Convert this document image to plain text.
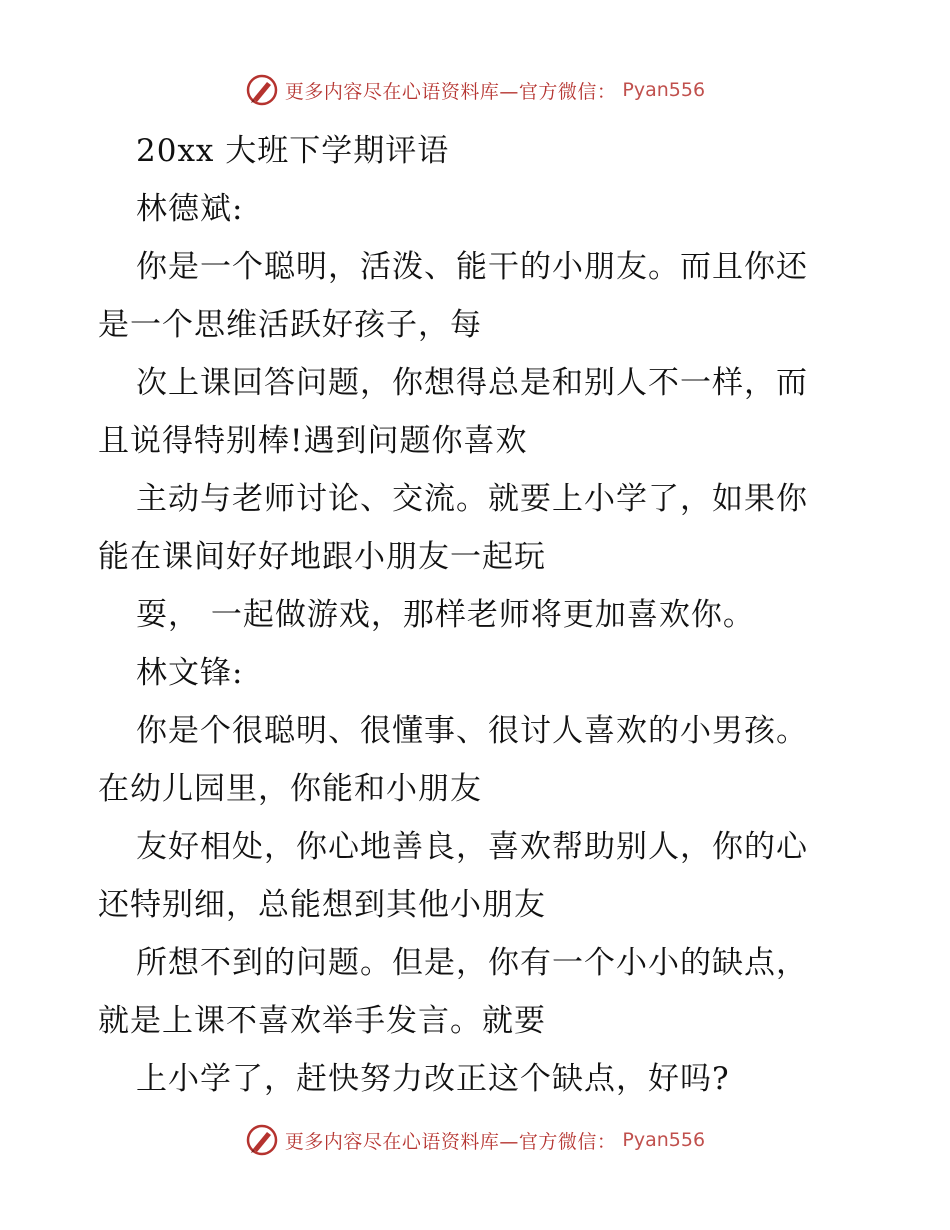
更多内容尽在心语资料库—官方微信： Pyan556
20xx 大班下学期评语
林德斌:
你是一个聪明，活泼、能干的小朋友。而且你还
是一个思维活跃好孩子，每
次上课回答问题，你想得总是和别人不一样，而
且说得特别棒!遇到问题你喜欢
主动与老师讨论、交流。就要上小学了，如果你
能在课间好好地跟小朋友一起玩
耍， 一起做游戏，那样老师将更加喜欢你。
林文锋:
你是个很聪明、很懂事、很讨人喜欢的小男孩。
在幼儿园里，你能和小朋友
友好相处，你心地善良，喜欢帮助别人，你的心
还特别细，总能想到其他小朋友
所想不到的问题。但是，你有一个小小的缺点，
就是上课不喜欢举手发言。就要
上小学了，赶快努力改正这个缺点，好吗?
更多内容尽在心语资料库—官方微信： Pyan556
